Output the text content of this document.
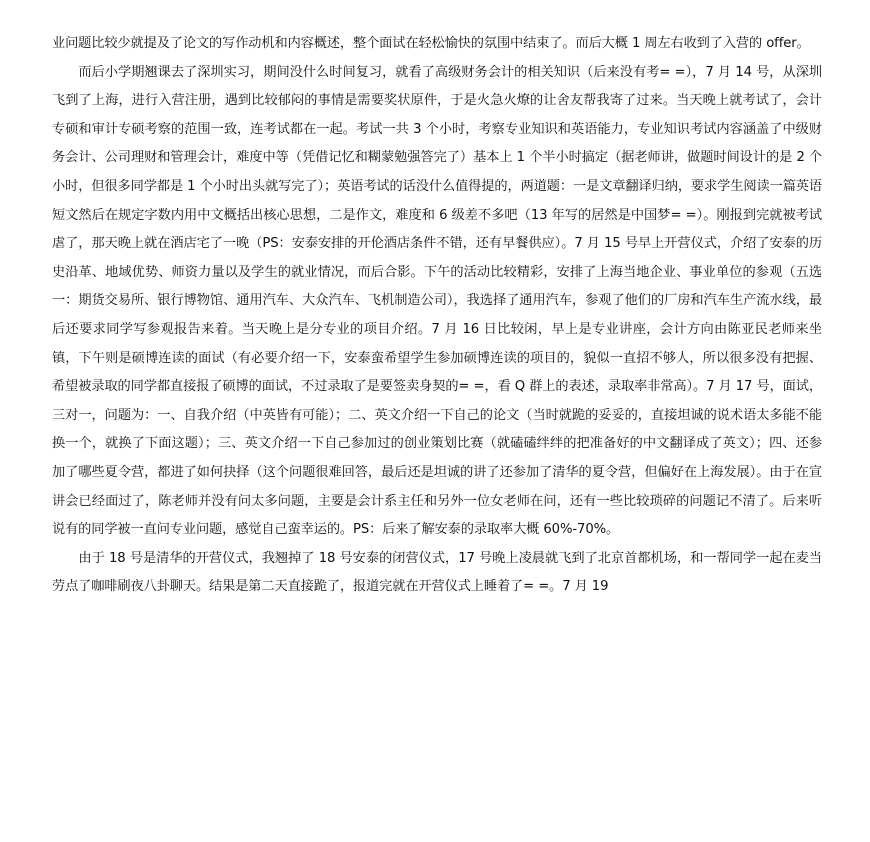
业问题比较少就提及了论文的写作动机和内容概述，整个面试在轻松愉快的氛围中结束了。而后大概 1 周左右收到了入营的 offer。

而后小学期翘课去了深圳实习，期间没什么时间复习，就看了高级财务会计的相关知识（后来没有考= =），7 月 14 号，从深圳飞到了上海，进行入营注册，遇到比较郁闷的事情是需要奖状原件，于是火急火燎的让舍友帮我寄了过来。当天晚上就考试了，会计专硕和审计专硕考察的范围一致，连考试都在一起。考试一共 3 个小时，考察专业知识和英语能力，专业知识考试内容涵盖了中级财务会计、公司理财和管理会计，难度中等（凭借记忆和糊蒙勉强答完了）基本上 1 个半小时搞定（据老师讲，做题时间设计的是 2 个小时，但很多同学都是 1 个小时出头就写完了）；英语考试的话没什么值得提的，两道题：一是文章翻译归纳，要求学生阅读一篇英语短文然后在规定字数内用中文概括出核心思想，二是作文，难度和 6 级差不多吧（13 年写的居然是中国梦= =）。刚报到完就被考试虐了，那天晚上就在酒店宅了一晚（PS：安泰安排的开伦酒店条件不错，还有早餐供应）。7 月 15 号早上开营仪式，介绍了安泰的历史沿革、地域优势、师资力量以及学生的就业情况，而后合影。下午的活动比较精彩，安排了上海当地企业、事业单位的参观（五选一：期货交易所、银行博物馆、通用汽车、大众汽车、飞机制造公司），我选择了通用汽车，参观了他们的厂房和汽车生产流水线，最后还要求同学写参观报告来着。当天晚上是分专业的项目介绍。7 月 16 日比较闲，早上是专业讲座，会计方向由陈亚民老师来坐镇，下午则是硕博连读的面试（有必要介绍一下，安泰蛮希望学生参加硕博连读的项目的，貌似一直招不够人，所以很多没有把握、希望被录取的同学都直接报了硕博的面试，不过录取了是要签卖身契的= =，看 Q 群上的表述，录取率非常高）。7 月 17 号，面试，三对一，问题为：一、自我介绍（中英皆有可能）；二、英文介绍一下自己的论文（当时就跪的妥妥的，直接坦诚的说术语太多能不能换一个，就换了下面这题）；三、英文介绍一下自己参加过的创业策划比赛（就磕磕绊绊的把准备好的中文翻译成了英文）；四、还参加了哪些夏令营，都进了如何抉择（这个问题很难回答，最后还是坦诚的讲了还参加了清华的夏令营，但偏好在上海发展）。由于在宣讲会已经面过了，陈老师并没有问太多问题，主要是会计系主任和另外一位女老师在问，还有一些比较琐碎的问题记不清了。后来听说有的同学被一直问专业问题，感觉自己蛮幸运的。PS：后来了解安泰的录取率大概 60%-70%。

由于 18 号是清华的开营仪式，我翘掉了 18 号安泰的闭营仪式，17 号晚上凌晨就飞到了北京首都机场，和一帮同学一起在麦当劳点了咖啡刷夜八卦聊天。结果是第二天直接跪了，报道完就在开营仪式上睡着了= =。7 月 19
